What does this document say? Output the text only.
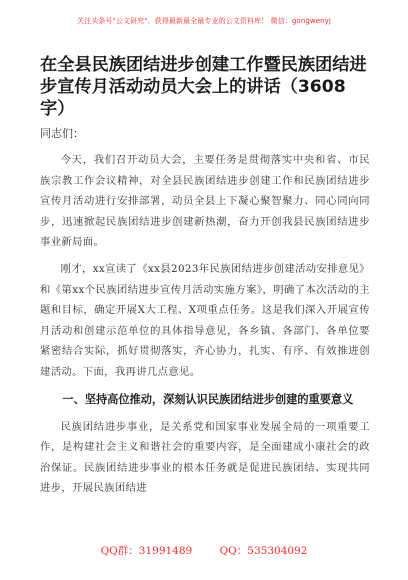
关注头条号"公文研究"，获得最新最全最专业的公文资料库！ 微信：gongwenyj
在全县民族团结进步创建工作暨民族团结进步宣传月活动动员大会上的讲话（3608字）

同志们：

今天，我们召开动员大会，主要任务是贯彻落实中央和省、市民族宗教工作会议精神，对全县民族团结进步创建工作和民族团结进步宣传月活动进行安排部署，动员全县上下凝心聚智聚力、同心同向同步，迅速掀起民族团结进步创建新热潮，奋力开创我县民族团结进步事业新局面。

刚才，xx宣读了《xx县2023年民族团结进步创建活动安排意见》和《第xx个民族团结进步宣传月活动实施方案》，明确了本次活动的主题和目标，确定开展X大工程、X项重点任务。这是我们深入开展宣传月活动和创建示范单位的具体指导意见，各乡镇、各部门、各单位要紧密结合实际，抓好贯彻落实，齐心协力，扎实、有序、有效推进创建活动。下面，我再讲几点意见。

一、坚持高位推动，深刻认识民族团结进步创建的重要意义

民族团结进步事业，是关系党和国家事业发展全局的一项重要工作，是构建社会主义和谐社会的重要内容，是全面建成小康社会的政治保证。民族团结进步事业的根本任务就是促进民族团结、实现共同进步，开展民族团结进

QQ群：31991489	QQ：535304092
